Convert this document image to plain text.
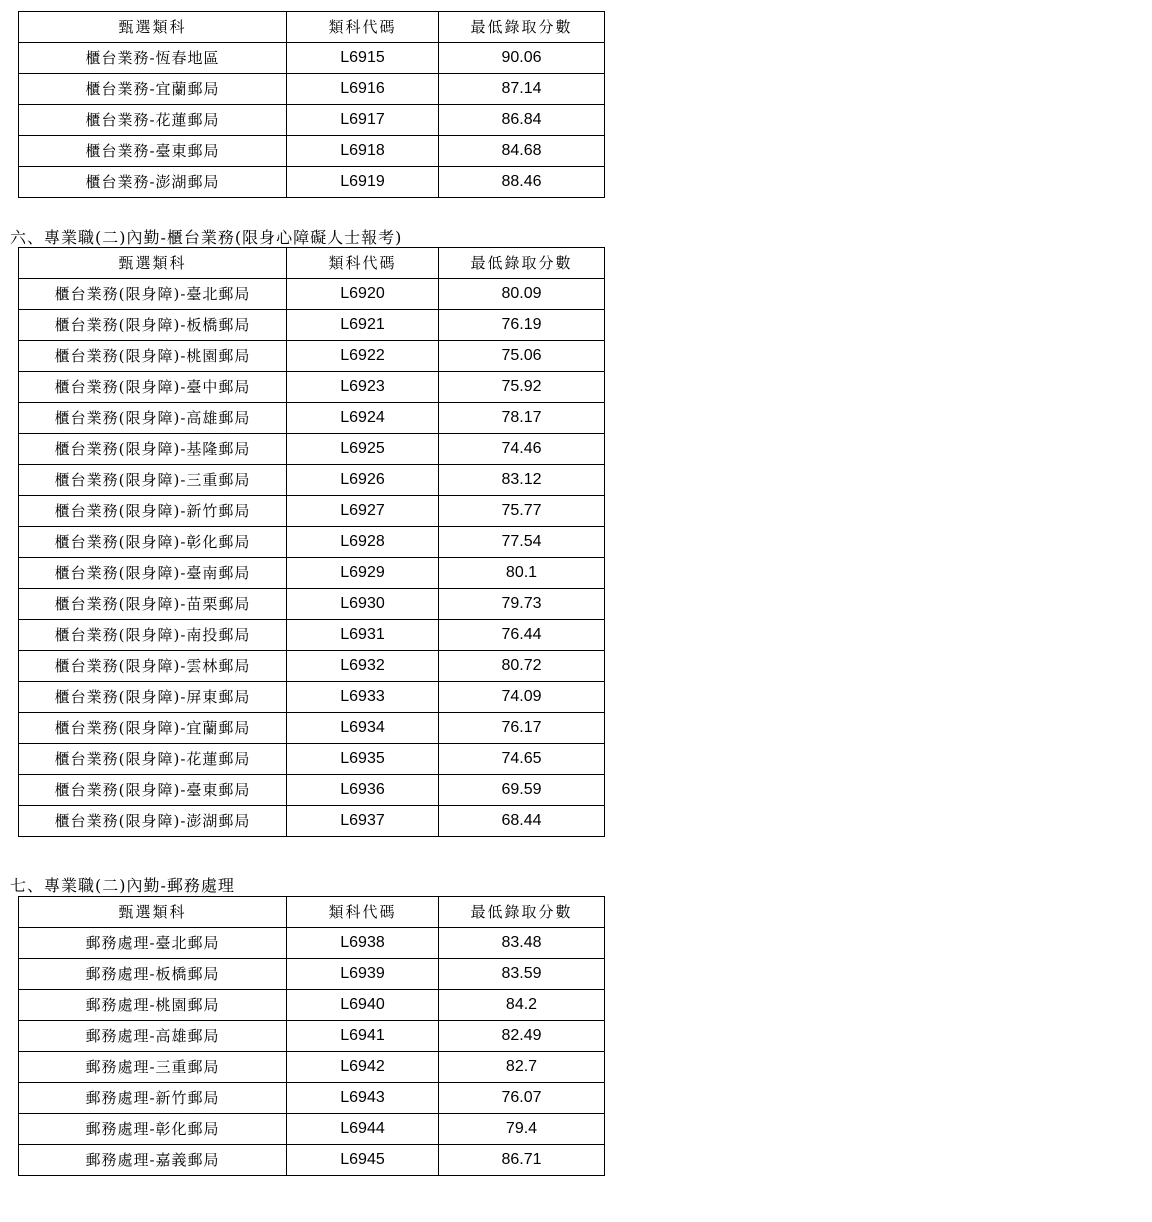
甄選類科	類科代碼	最低錄取分數
櫃台業務-恆春地區	L6915	90.06
櫃台業務-宜蘭郵局	L6916	87.14
櫃台業務-花蓮郵局	L6917	86.84
櫃台業務-臺東郵局	L6918	84.68
櫃台業務-澎湖郵局	L6919	88.46
六、專業職(二)內勤-櫃台業務(限身心障礙人士報考)
甄選類科	類科代碼	最低錄取分數
櫃台業務(限身障)-臺北郵局	L6920	80.09
櫃台業務(限身障)-板橋郵局	L6921	76.19
櫃台業務(限身障)-桃園郵局	L6922	75.06
櫃台業務(限身障)-臺中郵局	L6923	75.92
櫃台業務(限身障)-高雄郵局	L6924	78.17
櫃台業務(限身障)-基隆郵局	L6925	74.46
櫃台業務(限身障)-三重郵局	L6926	83.12
櫃台業務(限身障)-新竹郵局	L6927	75.77
櫃台業務(限身障)-彰化郵局	L6928	77.54
櫃台業務(限身障)-臺南郵局	L6929	80.1
櫃台業務(限身障)-苗栗郵局	L6930	79.73
櫃台業務(限身障)-南投郵局	L6931	76.44
櫃台業務(限身障)-雲林郵局	L6932	80.72
櫃台業務(限身障)-屏東郵局	L6933	74.09
櫃台業務(限身障)-宜蘭郵局	L6934	76.17
櫃台業務(限身障)-花蓮郵局	L6935	74.65
櫃台業務(限身障)-臺東郵局	L6936	69.59
櫃台業務(限身障)-澎湖郵局	L6937	68.44
七、專業職(二)內勤-郵務處理
甄選類科	類科代碼	最低錄取分數
郵務處理-臺北郵局	L6938	83.48
郵務處理-板橋郵局	L6939	83.59
郵務處理-桃園郵局	L6940	84.2
郵務處理-高雄郵局	L6941	82.49
郵務處理-三重郵局	L6942	82.7
郵務處理-新竹郵局	L6943	76.07
郵務處理-彰化郵局	L6944	79.4
郵務處理-嘉義郵局	L6945	86.71
